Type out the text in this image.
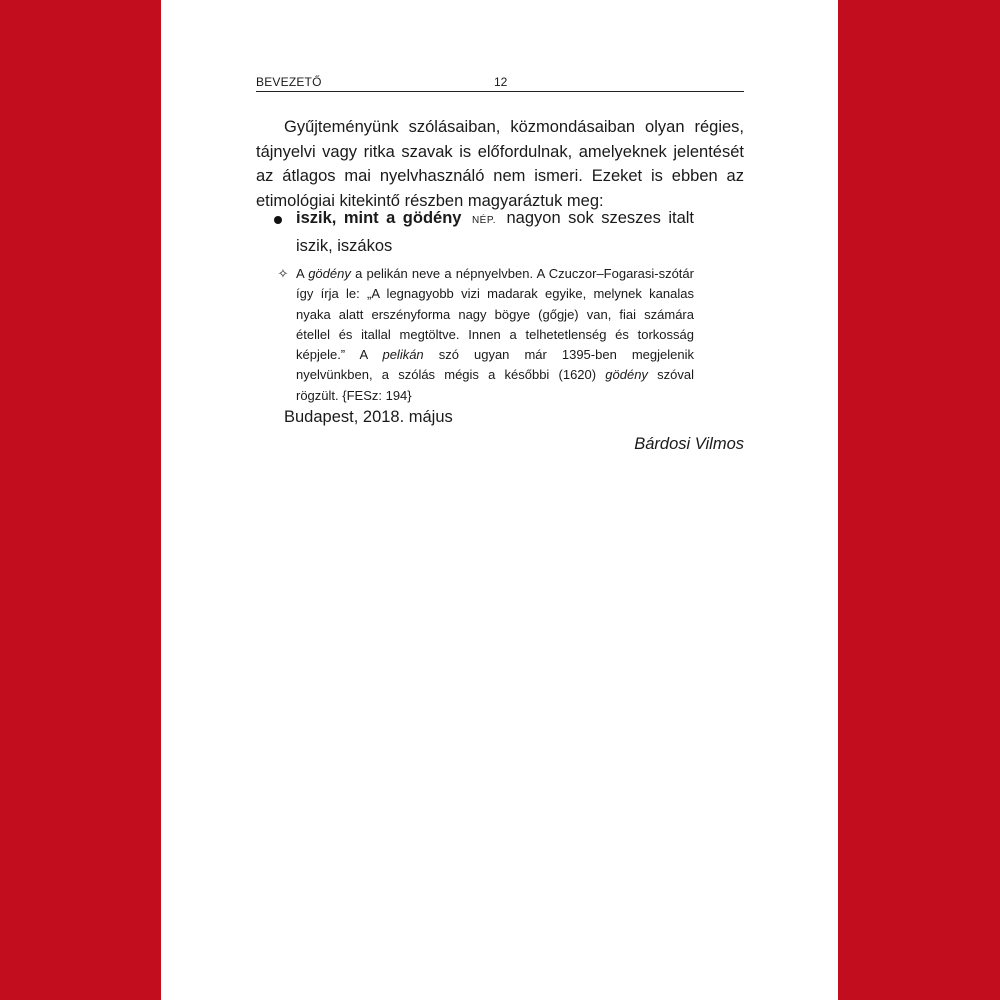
BEVEZETŐ	12

Gyűjteményünk szólásaiban, közmondásaiban olyan régies, tájnyelvi vagy ritka szavak is előfordulnak, amelyeknek jelentését az átlagos mai nyelvhasználó nem ismeri. Ezeket is ebben az etimológiai kitekintő részben magyaráztuk meg:

iszik, mint a gödény NÉP. nagyon sok szeszes italt iszik, iszákos

✧ A gödény a pelikán neve a népnyelvben. A Czuczor–Fogarasi-szótár így írja le: „A legnagyobb vizi madarak egyike, melynek kanalas nyaka alatt erszényforma nagy bögye (gőgje) van, fiai számára étellel és itallal megtöltve. Innen a telhetetlenség és torkosság képjele.” A pelikán szó ugyan már 1395-ben megjelenik nyelvünkben, a szólás mégis a későbbi (1620) gödény szóval rögzült. {FESz: 194}

Budapest, 2018. május
Bárdosi Vilmos
